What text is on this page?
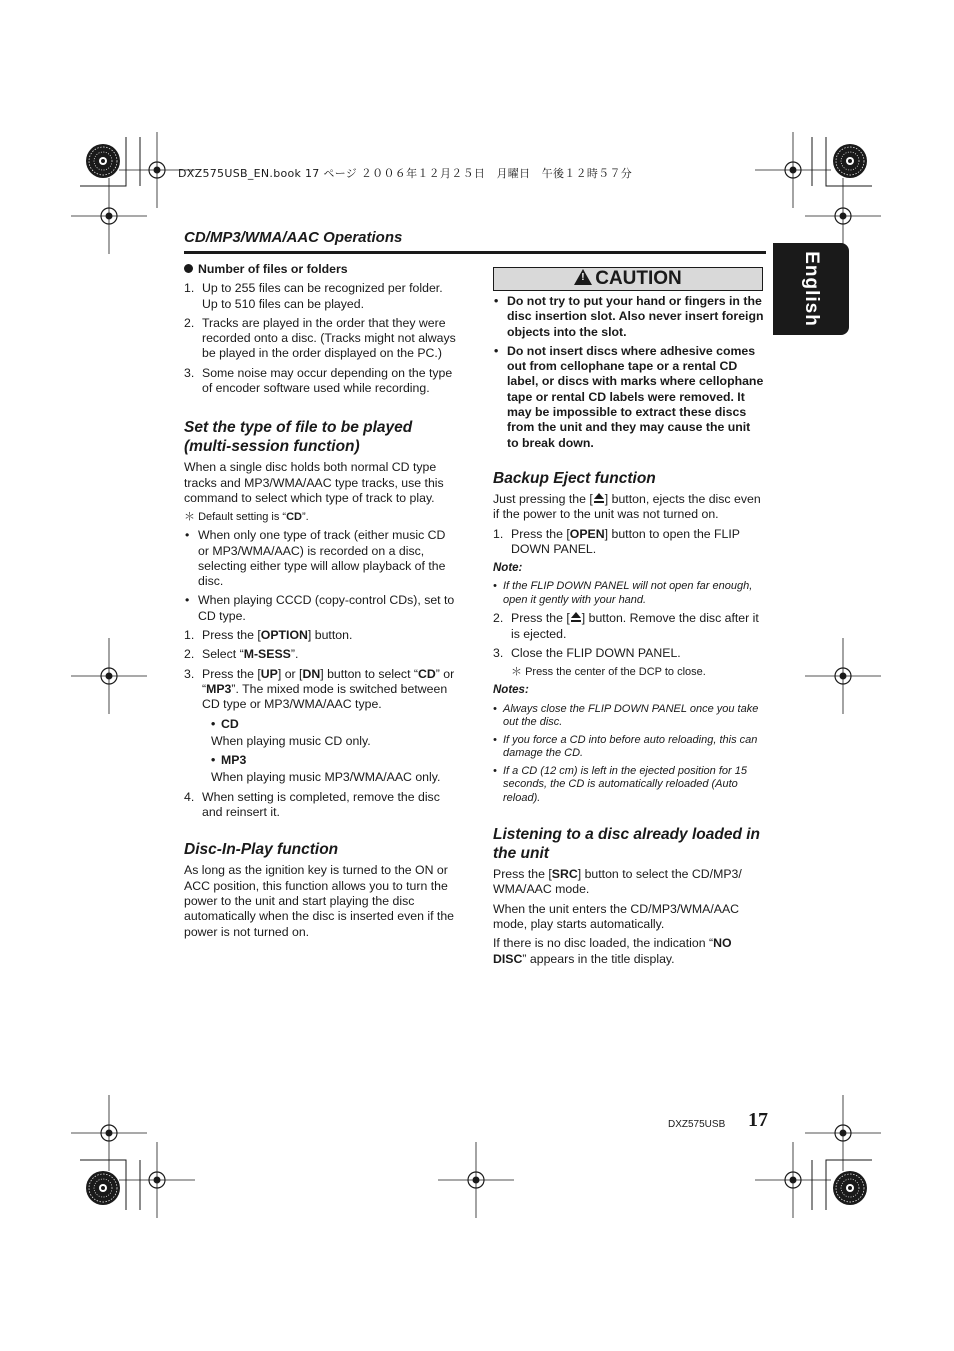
DXZ575USB_EN.book 17 ページ ２００６年１２月２５日　月曜日　午後１２時５７分
CD/MP3/WMA/AAC Operations
English

Number of files or folders

1. Up to 255 files can be recognized per folder. Up to 510 files can be played.
2. Tracks are played in the order that they were recorded onto a disc. (Tracks might not always be played in the order displayed on the PC.)
3. Some noise may occur depending on the type of encoder software used while recording.

Set the type of file to be played (multi-session function)

When a single disc holds both normal CD type tracks and MP3/WMA/AAC type tracks, use this command to select which type of track to play.

＊ Default setting is “CD”.

• When only one type of track (either music CD or MP3/WMA/AAC) is recorded on a disc, selecting either type will allow playback of the disc.
• When playing CCCD (copy-control CDs), set to CD type.
1. Press the [OPTION] button.
2. Select “M-SESS”.
3. Press the [UP] or [DN] button to select “CD” or “MP3”. The mixed mode is switched between CD type or MP3/WMA/AAC type.

• CD

When playing music CD only.

• MP3

When playing music MP3/WMA/AAC only.

4. When setting is completed, remove the disc and reinsert it.

Disc-In-Play function

As long as the ignition key is turned to the ON or ACC position, this function allows you to turn the power to the unit and start playing the disc automatically when the disc is inserted even if the power is not turned on.

! CAUTION
• Do not try to put your hand or fingers in the disc insertion slot. Also never insert foreign objects into the slot.
• Do not insert discs where adhesive comes out from cellophane tape or a rental CD label, or discs with marks where cellophane tape or rental CD labels were removed. It may be impossible to extract these discs from the unit and they may cause the unit to break down.

Backup Eject function

Just pressing the [ ] button, ejects the disc even if the power to the unit was not turned on.

1. Press the [OPEN] button to open the FLIP DOWN PANEL.

Note:

• If the FLIP DOWN PANEL will not open far enough, open it gently with your hand.

2. Press the [ ] button. Remove the disc after it is ejected.
3. Close the FLIP DOWN PANEL.

＊ Press the center of the DCP to close.

Notes:

• Always close the FLIP DOWN PANEL once you take out the disc.

• If you force a CD into before auto reloading, this can damage the CD.

• If a CD (12 cm) is left in the ejected position for 15 seconds, the CD is automatically reloaded (Auto reload).

Listening to a disc already loaded in the unit

Press the [SRC] button to select the CD/MP3/ WMA/AAC mode.

When the unit enters the CD/MP3/WMA/AAC mode, play starts automatically.

If there is no disc loaded, the indication “NO DISC” appears in the title display.

DXZ575USB 17
